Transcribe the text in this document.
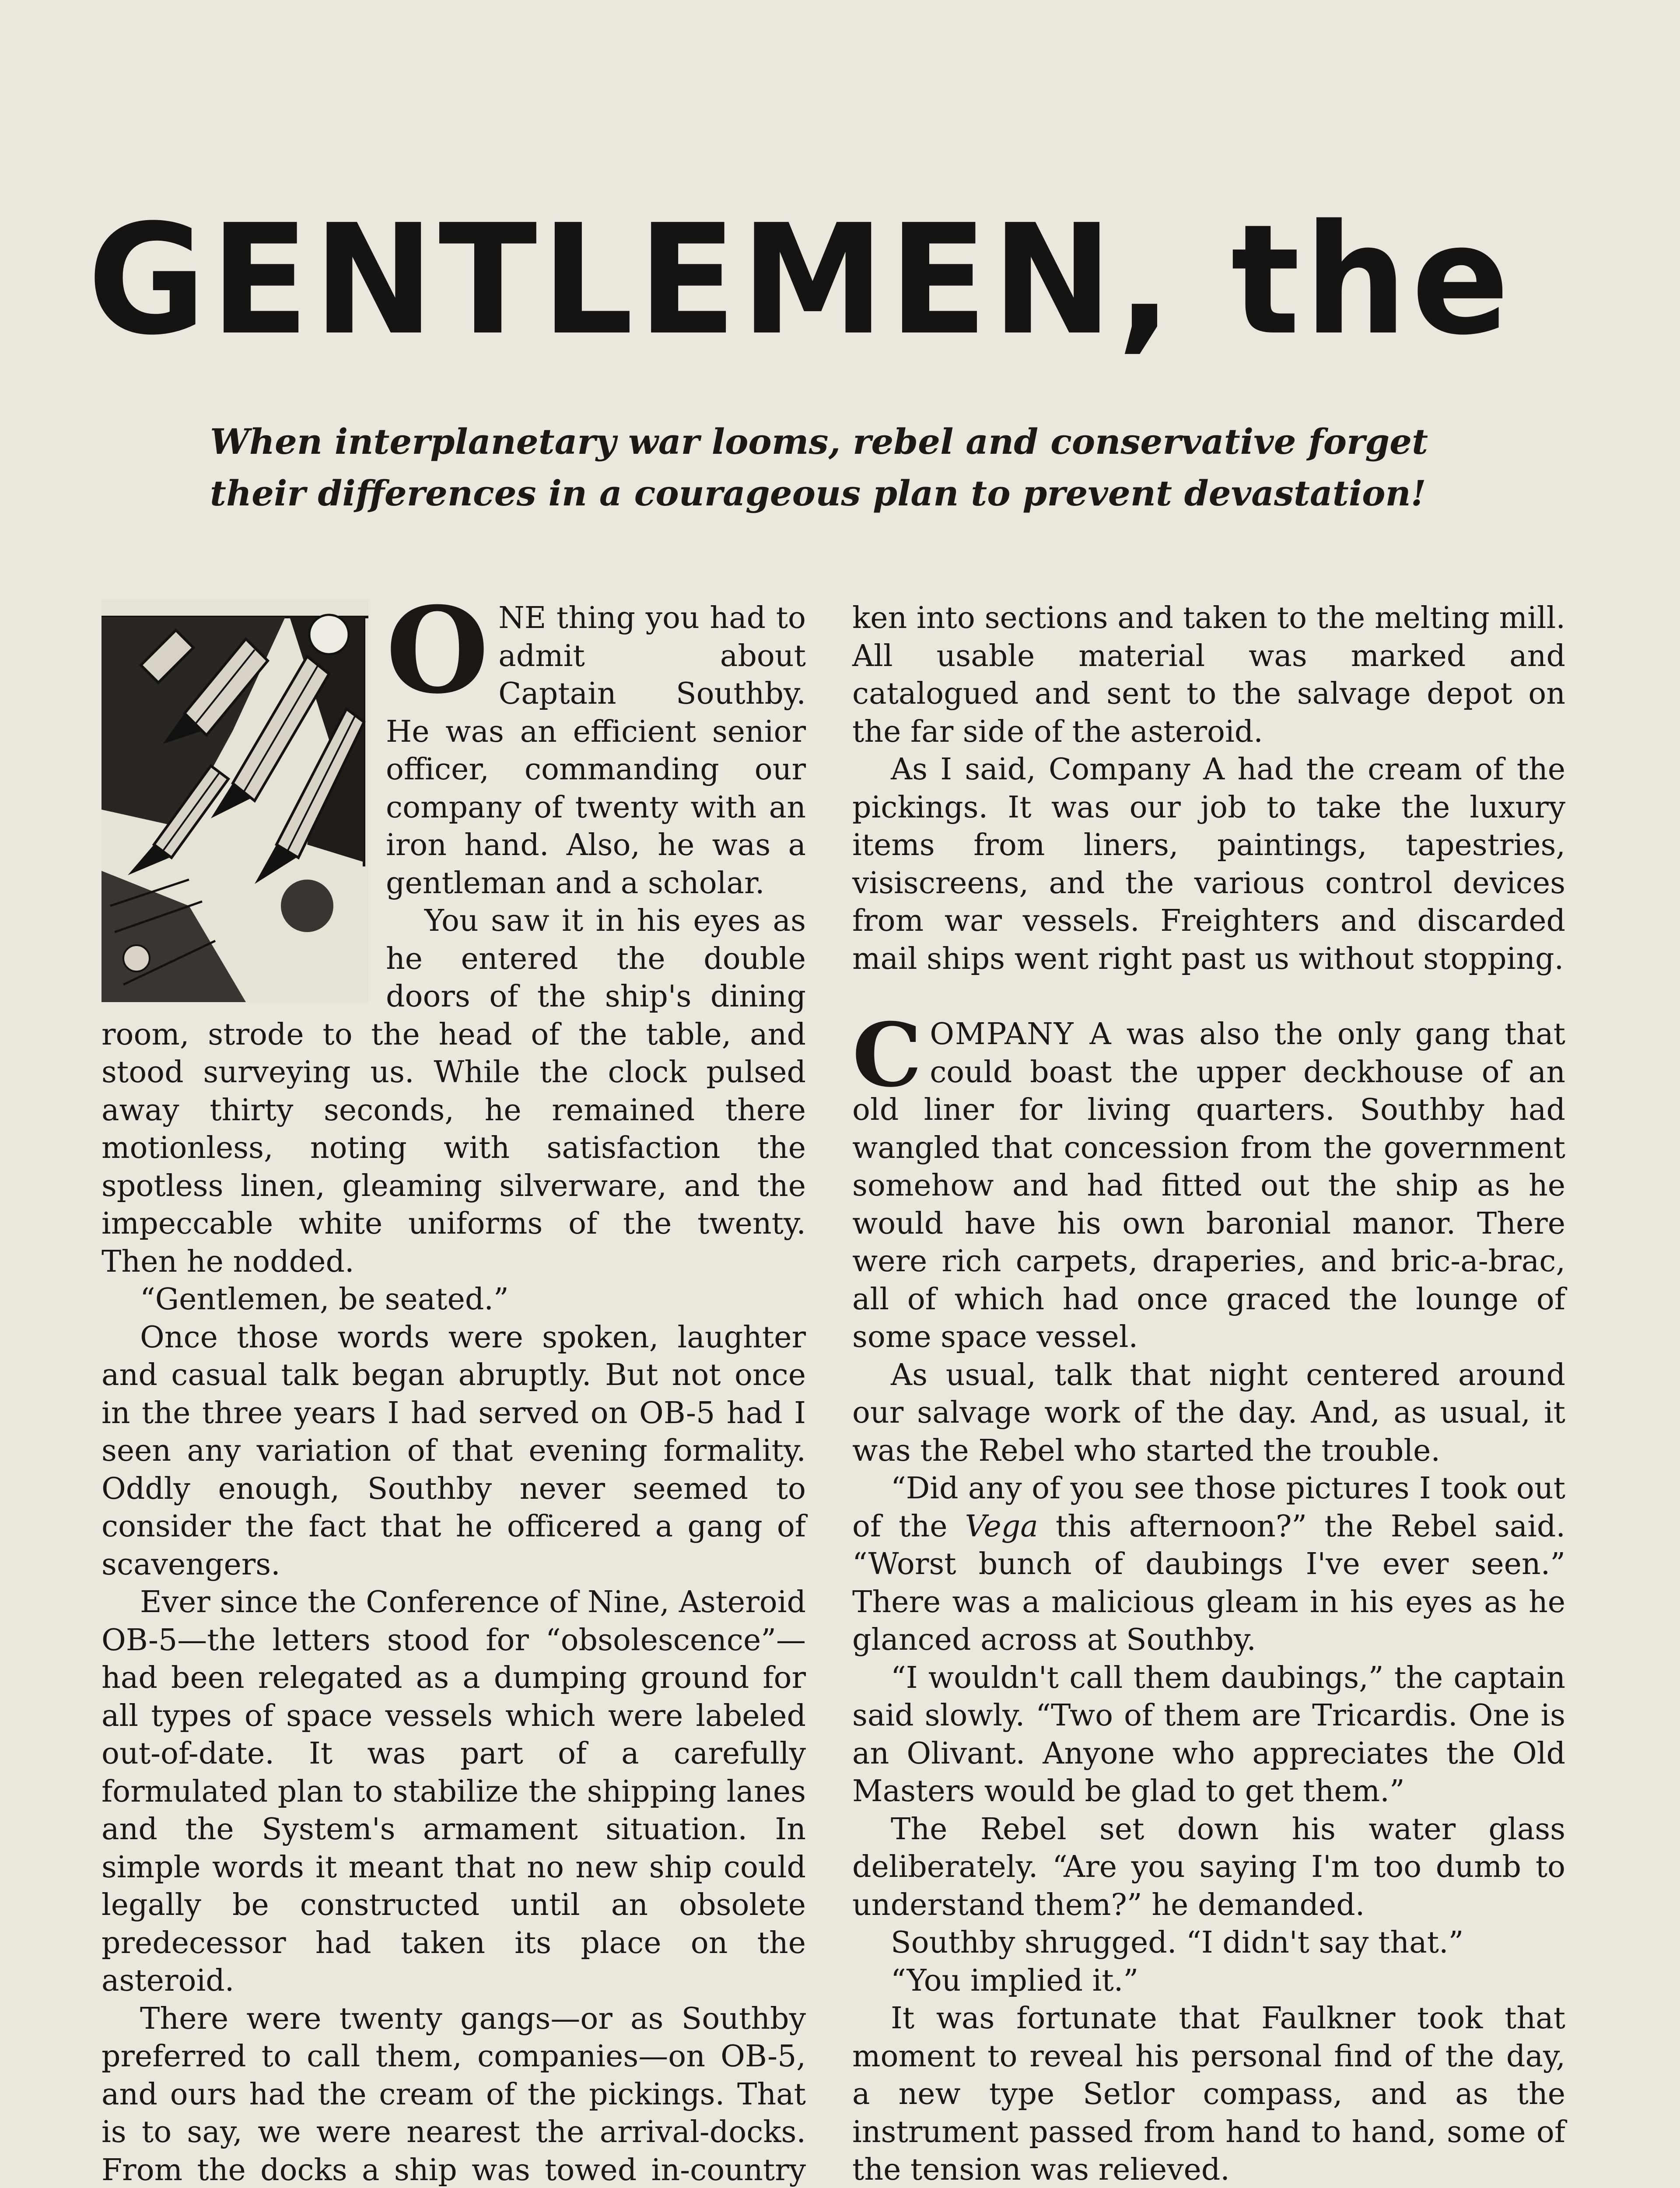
GENTLEMEN, the

When interplanetary war looms, rebel and conservative forget their differences in a courageous plan to prevent devastation!

ONE thing you had to admit about Captain Southby. He was an efficient senior officer, commanding our company of twenty with an iron hand. Also, he was a gentleman and a scholar.

You saw it in his eyes as he entered the double doors of the ship's dining room, strode to the head of the table, and stood surveying us. While the clock pulsed away thirty seconds, he remained there motionless, noting with satisfaction the spotless linen, gleaming silverware, and the impeccable white uniforms of the twenty. Then he nodded.

“Gentlemen, be seated.”

Once those words were spoken, laughter and casual talk began abruptly. But not once in the three years I had served on OB-5 had I seen any variation of that evening formality. Oddly enough, Southby never seemed to consider the fact that he officered a gang of scavengers.

Ever since the Conference of Nine, Asteroid OB-5—the letters stood for “obsolescence”—had been relegated as a dumping ground for all types of space vessels which were labeled out-of-date. It was part of a carefully formulated plan to stabilize the shipping lanes and the System's armament situation. In simple words it meant that no new ship could legally be constructed until an obsolete predecessor had taken its place on the asteroid.

There were twenty gangs—or as Southby preferred to call them, companies—on OB-5, and ours had the cream of the pickings. That is to say, we were nearest the arrival-docks. From the docks a ship was towed in-country

ken into sections and taken to the melting mill. All usable material was marked and catalogued and sent to the salvage depot on the far side of the asteroid.

As I said, Company A had the cream of the pickings. It was our job to take the luxury items from liners, paintings, tapestries, visiscreens, and the various control devices from war vessels. Freighters and discarded mail ships went right past us without stopping.

COMPANY A was also the only gang that could boast the upper deckhouse of an old liner for living quarters. Southby had wangled that concession from the government somehow and had fitted out the ship as he would have his own baronial manor. There were rich carpets, draperies, and bric-a-brac, all of which had once graced the lounge of some space vessel.

As usual, talk that night centered around our salvage work of the day. And, as usual, it was the Rebel who started the trouble.

“Did any of you see those pictures I took out of the Vega this afternoon?” the Rebel said. “Worst bunch of daubings I've ever seen.” There was a malicious gleam in his eyes as he glanced across at Southby.

“I wouldn't call them daubings,” the captain said slowly. “Two of them are Tricardis. One is an Olivant. Anyone who appreciates the Old Masters would be glad to get them.”

The Rebel set down his water glass deliberately. “Are you saying I'm too dumb to understand them?” he demanded.

Southby shrugged. “I didn't say that.”

“You implied it.”

It was fortunate that Faulkner took that moment to reveal his personal find of the day, a new type Setlor compass, and as the instrument passed from hand to hand, some of the tension was relieved.
